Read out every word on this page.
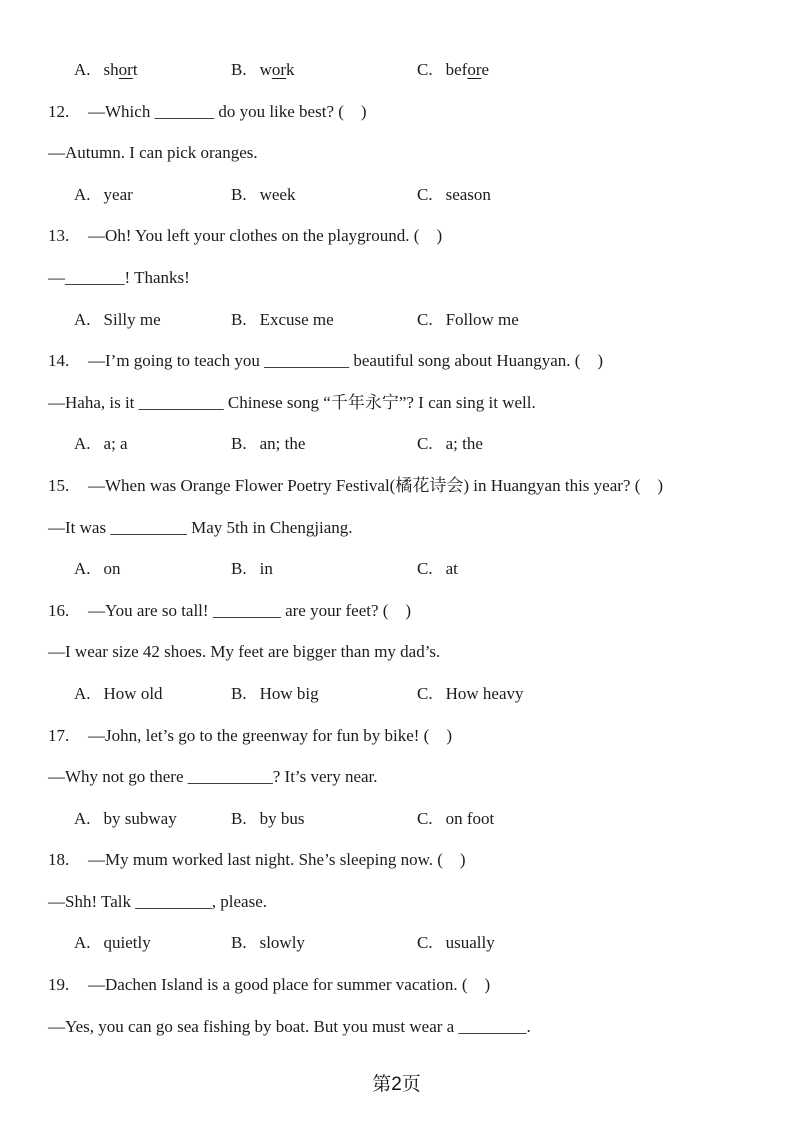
A. short

	B. work

	C. before

12. —Which _______ do you like best? (    )
—Autumn. I can pick oranges.

A. year

	B. week

	C. season

13. —Oh! You left your clothes on the playground. (    )
—_______! Thanks!

A. Silly me

	B. Excuse me

	C. Follow me

14. —I’m going to teach you __________ beautiful song about Huangyan. (    )
—Haha, is it __________ Chinese song “千年永宁”? I can sing it well.

A. a; a

	B. an; the

	C. a; the

15. —When was Orange Flower Poetry Festival(橘花诗会) in Huangyan this year? (    )
—It was _________ May 5th in Chengjiang.

A. on

	B. in

	C. at

16. —You are so tall! ________ are your feet? (    )
—I wear size 42 shoes. My feet are bigger than my dad’s.

A. How old

	B. How big

	C. How heavy

17. —John, let’s go to the greenway for fun by bike! (    )
—Why not go there __________? It’s very near.

A. by subway

	B. by bus

	C. on foot

18. —My mum worked last night. She’s sleeping now. (    )
—Shh! Talk _________, please.

A. quietly

	B. slowly

	C. usually

19. —Dachen Island is a good place for summer vacation. (    )
—Yes, you can go sea fishing by boat. But you must wear a ________.
第2页
